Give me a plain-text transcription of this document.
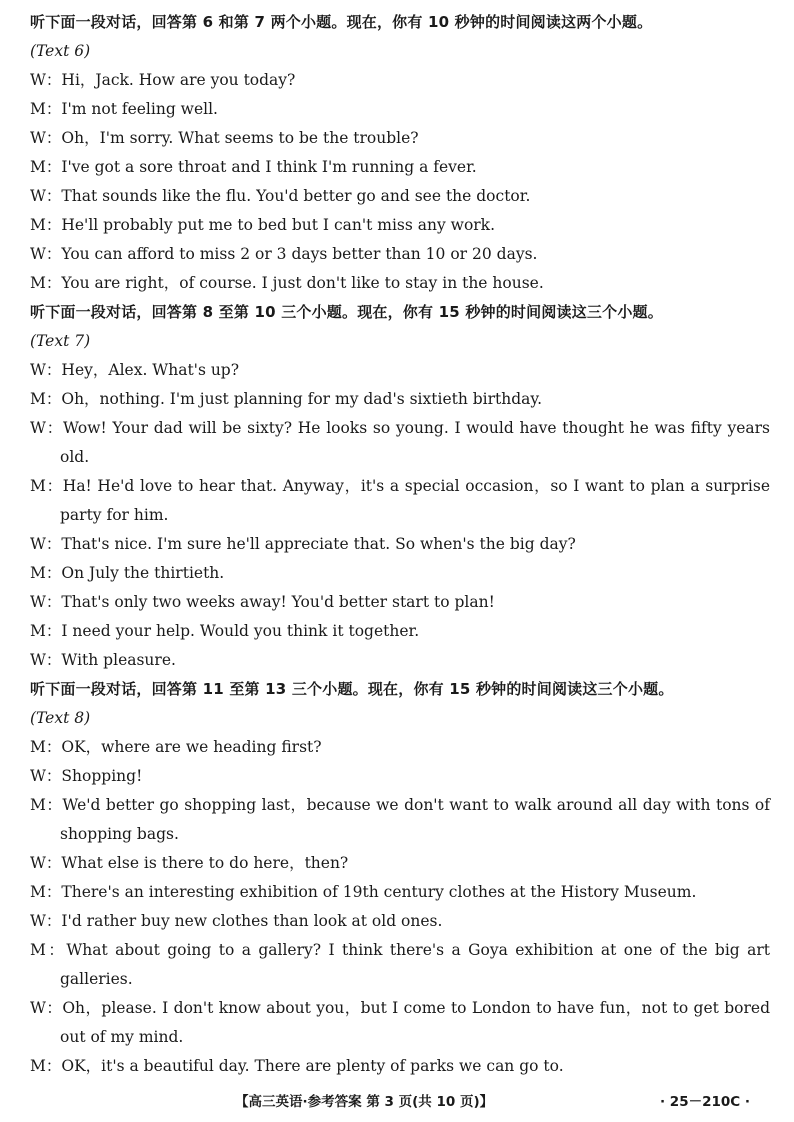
听下面一段对话，回答第 6 和第 7 两个小题。现在，你有 10 秒钟的时间阅读这两个小题。
(Text 6)
W：Hi，Jack. How are you today?
M：I'm not feeling well.
W：Oh，I'm sorry. What seems to be the trouble?
M：I've got a sore throat and I think I'm running a fever.
W：That sounds like the flu. You'd better go and see the doctor.
M：He'll probably put me to bed but I can't miss any work.
W：You can afford to miss 2 or 3 days better than 10 or 20 days.
M：You are right，of course. I just don't like to stay in the house.
听下面一段对话，回答第 8 至第 10 三个小题。现在，你有 15 秒钟的时间阅读这三个小题。
(Text 7)
W：Hey，Alex. What's up?
M：Oh，nothing. I'm just planning for my dad's sixtieth birthday.
W：Wow! Your dad will be sixty? He looks so young. I would have thought he was fifty years old.
M：Ha! He'd love to hear that. Anyway，it's a special occasion，so I want to plan a surprise party for him.
W：That's nice. I'm sure he'll appreciate that. So when's the big day?
M：On July the thirtieth.
W：That's only two weeks away! You'd better start to plan!
M：I need your help. Would you think it together.
W：With pleasure.
听下面一段对话，回答第 11 至第 13 三个小题。现在，你有 15 秒钟的时间阅读这三个小题。
(Text 8)
M：OK，where are we heading first?
W：Shopping!
M：We'd better go shopping last，because we don't want to walk around all day with tons of shopping bags.
W：What else is there to do here，then?
M：There's an interesting exhibition of 19th century clothes at the History Museum.
W：I'd rather buy new clothes than look at old ones.
M：What about going to a gallery? I think there's a Goya exhibition at one of the big art galleries.
W：Oh，please. I don't know about you，but I come to London to have fun，not to get bored out of my mind.
M：OK，it's a beautiful day. There are plenty of parks we can go to.
【高三英语·参考答案 第 3 页(共 10 页)】	· 25－210C ·
